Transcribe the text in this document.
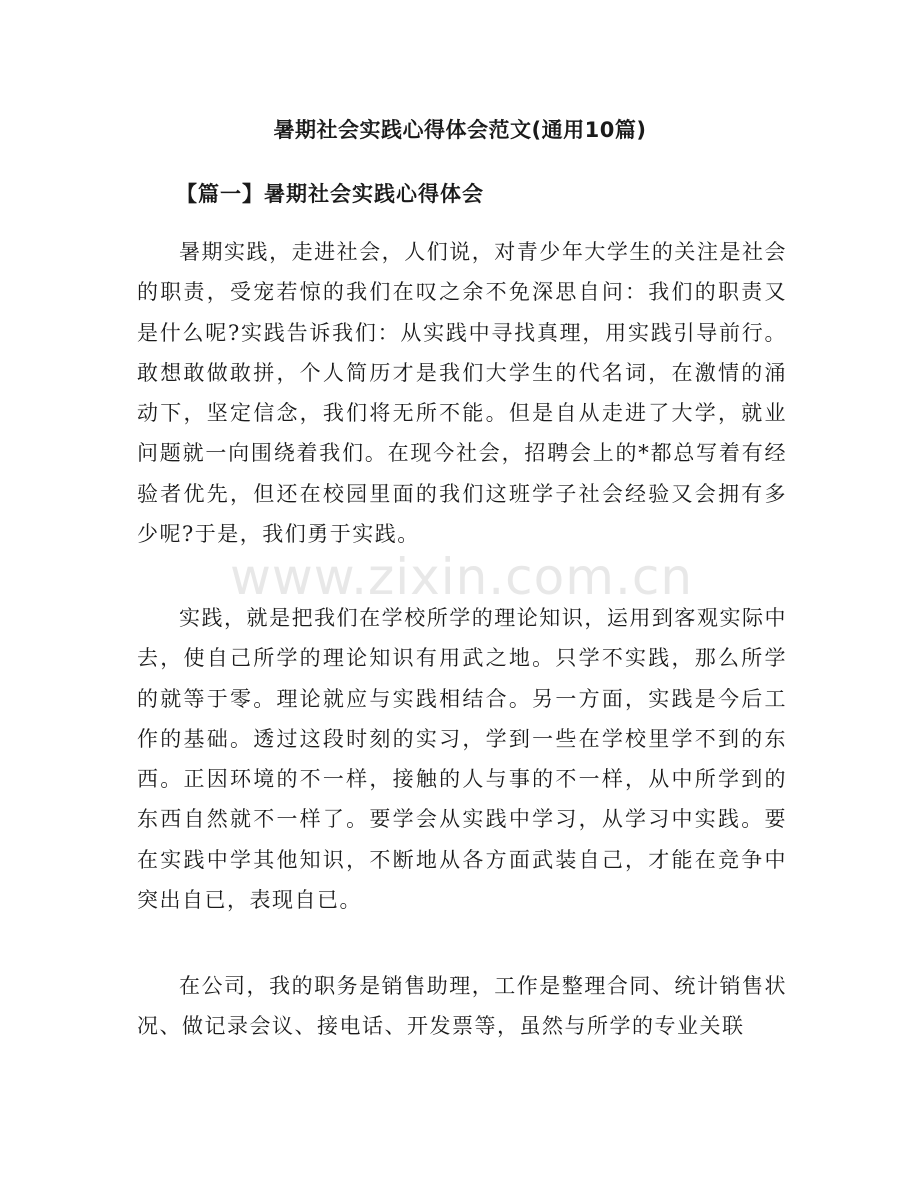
暑期社会实践心得体会范文(通用10篇)
【篇一】暑期社会实践心得体会

暑期实践，走进社会，人们说，对青少年大学生的关注是社会的职责，受宠若惊的我们在叹之余不免深思自问：我们的职责又是什么呢?实践告诉我们：从实践中寻找真理，用实践引导前行。敢想敢做敢拼，个人简历才是我们大学生的代名词，在激情的涌动下，坚定信念，我们将无所不能。但是自从走进了大学，就业问题就一向围绕着我们。在现今社会，招聘会上的*都总写着有经验者优先，但还在校园里面的我们这班学子社会经验又会拥有多少呢?于是，我们勇于实践。

实践，就是把我们在学校所学的理论知识，运用到客观实际中去，使自己所学的理论知识有用武之地。只学不实践，那么所学的就等于零。理论就应与实践相结合。另一方面，实践是今后工作的基础。透过这段时刻的实习，学到一些在学校里学不到的东西。正因环境的不一样，接触的人与事的不一样，从中所学到的东西自然就不一样了。要学会从实践中学习，从学习中实践。要在实践中学其他知识，不断地从各方面武装自己，才能在竞争中突出自已，表现自已。

在公司，我的职务是销售助理，工作是整理合同、统计销售状况、做记录会议、接电话、开发票等，虽然与所学的专业关联

www.zixin.com.cn
